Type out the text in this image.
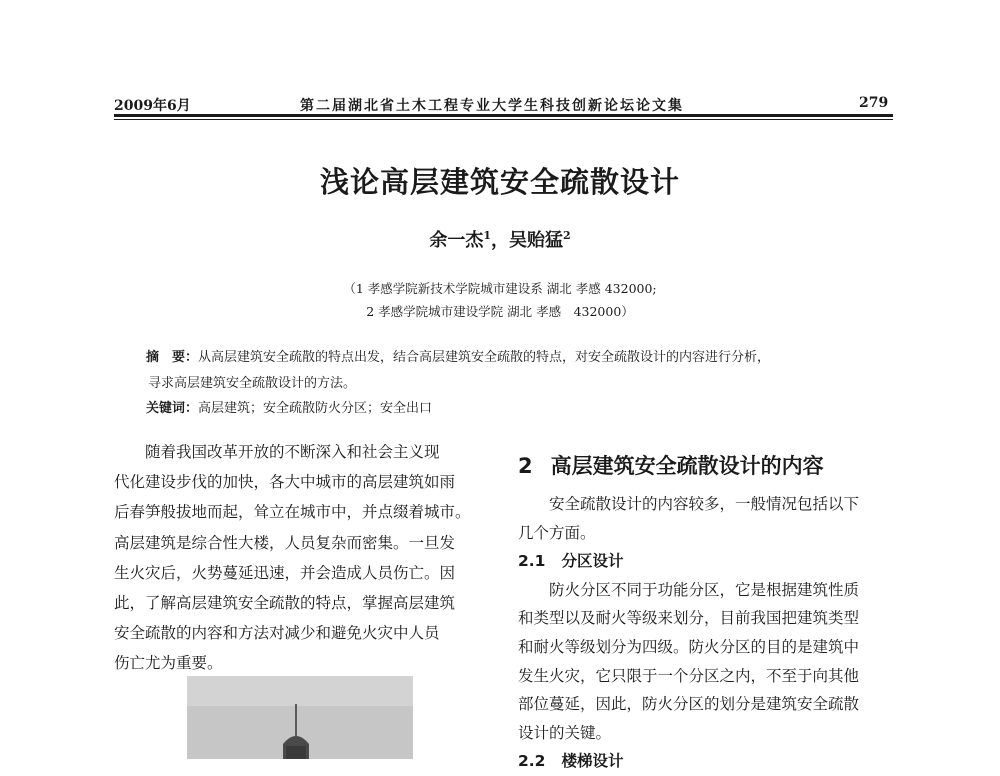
2009年6月	第二届湖北省土木工程专业大学生科技创新论坛论文集	279
浅论高层建筑安全疏散设计
余一杰$^1$，吴贻猛$^2$
（1 孝感学院新技术学院城市建设系 湖北 孝感 432000;
2 孝感学院城市建设学院 湖北 孝感　432000）
摘　要：从高层建筑安全疏散的特点出发，结合高层建筑安全疏散的特点，对安全疏散设计的内容进行分析，
寻求高层建筑安全疏散设计的方法。
关键词：高层建筑；安全疏散防火分区；安全出口

随着我国改革开放的不断深入和社会主义现

代化建设步伐的加快，各大中城市的高层建筑如雨

后春笋般拔地而起，耸立在城市中，并点缀着城市。

高层建筑是综合性大楼，人员复杂而密集。一旦发

生火灾后，火势蔓延迅速，并会造成人员伤亡。因

此，了解高层建筑安全疏散的特点，掌握高层建筑

安全疏散的内容和方法对减少和避免火灾中人员

伤亡尤为重要。

2 高层建筑安全疏散设计的内容

安全疏散设计的内容较多，一般情况包括以下

几个方面。

2.1 分区设计

防火分区不同于功能分区，它是根据建筑性质

和类型以及耐火等级来划分，目前我国把建筑类型

和耐火等级划分为四级。防火分区的目的是建筑中

发生火灾，它只限于一个分区之内，不至于向其他

部位蔓延，因此，防火分区的划分是建筑安全疏散

设计的关键。

2.2 楼梯设计
